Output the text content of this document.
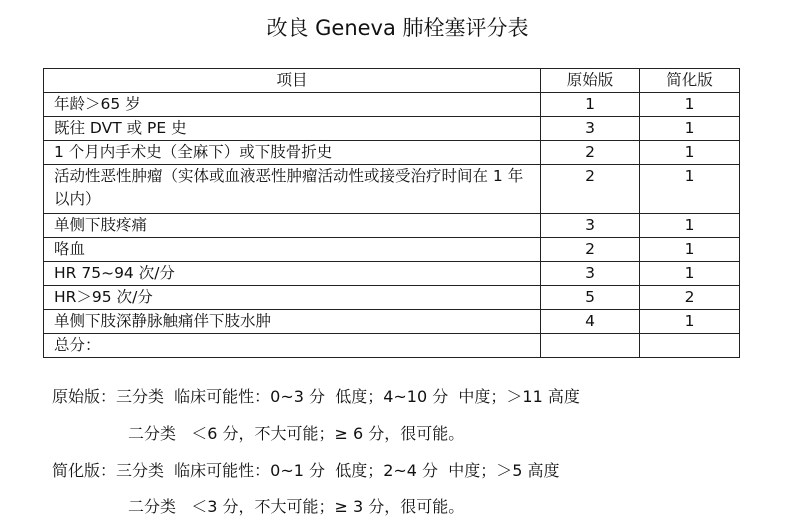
改良 Geneva 肺栓塞评分表
项目	原始版	简化版
年龄＞65 岁	1	1
既往 DVT 或 PE 史	3	1
1 个月内手术史（全麻下）或下肢骨折史	2	1
活动性恶性肿瘤（实体或血液恶性肿瘤活动性或接受治疗时间在 1 年以内）	2	1
单侧下肢疼痛	3	1
咯血	2	1
HR 75~94 次/分	3	1
HR＞95 次/分	5	2
单侧下肢深静脉触痛伴下肢水肿	4	1
总分：		
原始版：三分类  临床可能性：0~3 分  低度；4~10 分  中度；＞11 高度
二分类   ＜6 分，不大可能；≥ 6 分，很可能。
简化版：三分类  临床可能性：0~1 分  低度；2~4 分  中度；＞5 高度
二分类   ＜3 分，不大可能；≥ 3 分，很可能。
